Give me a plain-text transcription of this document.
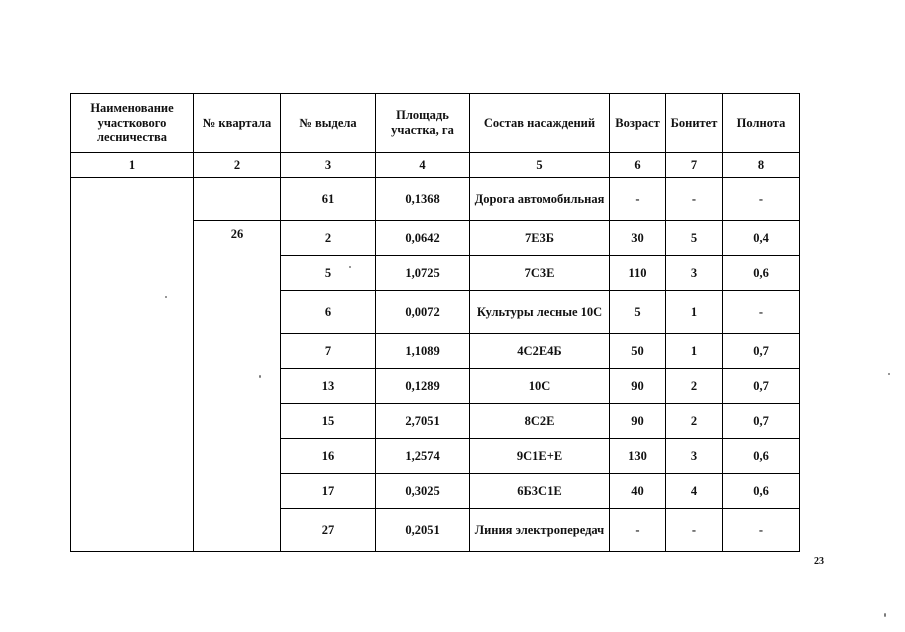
Наименование участкового лесничества	№ квартала	№ выдела	Площадь участка, га	Состав насаждений	Возраст	Бонитет	Полнота
1	2	3	4	5	6	7	8
		61	0,1368	Дорога автомобильная	-	-	-
	26	2	0,0642	7Е3Б	30	5	0,4
		5	1,0725	7С3Е	110	3	0,6
		6	0,0072	Культуры лесные 10С	5	1	-
		7	1,1089	4С2Е4Б	50	1	0,7
		13	0,1289	10С	90	2	0,7
		15	2,7051	8С2Е	90	2	0,7
		16	1,2574	9С1Е+Е	130	3	0,6
		17	0,3025	6Б3С1Е	40	4	0,6
		27	0,2051	Линия электропередач	-	-	-
23
